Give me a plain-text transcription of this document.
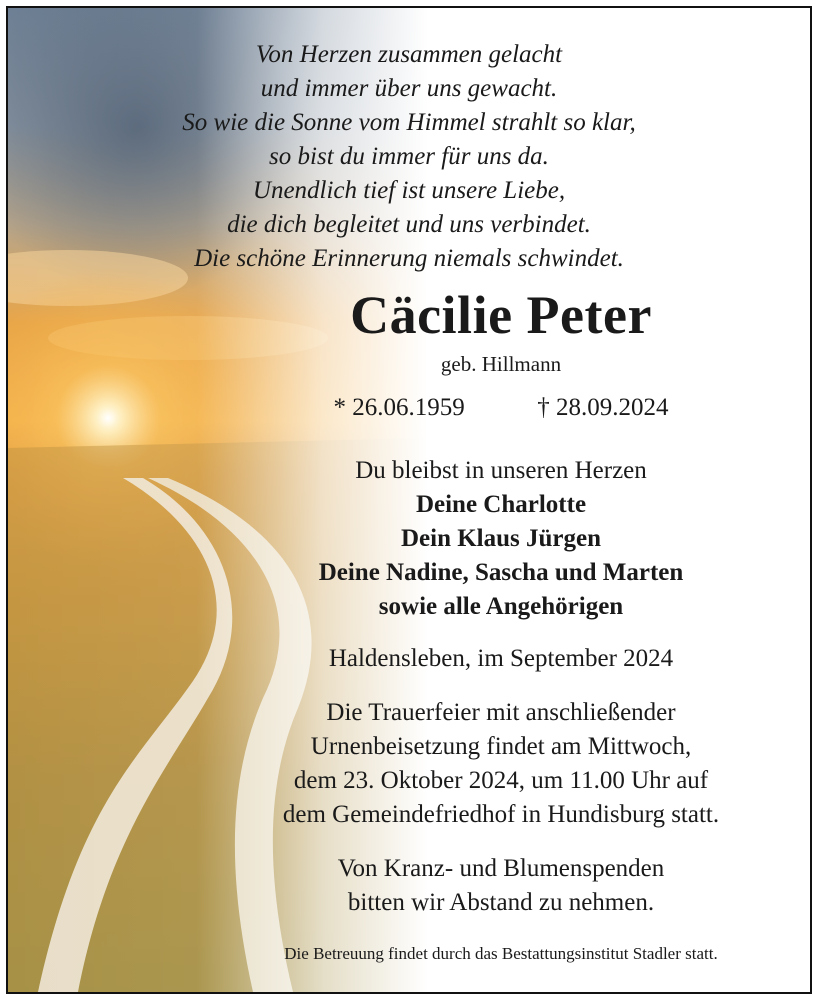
Von Herzen zusammen gelacht
und immer über uns gewacht.
So wie die Sonne vom Himmel strahlt so klar,
so bist du immer für uns da.
Unendlich tief ist unsere Liebe,
die dich begleitet und uns verbindet.
Die schöne Erinnerung niemals schwindet.
Cäcilie Peter
geb. Hillmann
* 26.06.1959	† 28.09.2024
Du bleibst in unseren Herzen
Deine Charlotte
Dein Klaus Jürgen
Deine Nadine, Sascha und Marten
sowie alle Angehörigen
Haldensleben, im September 2024
Die Trauerfeier mit anschließender
Urnenbeisetzung findet am Mittwoch,
dem 23. Oktober 2024, um 11.00 Uhr auf
dem Gemeindefriedhof in Hundisburg statt.
Von Kranz- und Blumenspenden
bitten wir Abstand zu nehmen.
Die Betreuung findet durch das Bestattungsinstitut Stadler statt.
